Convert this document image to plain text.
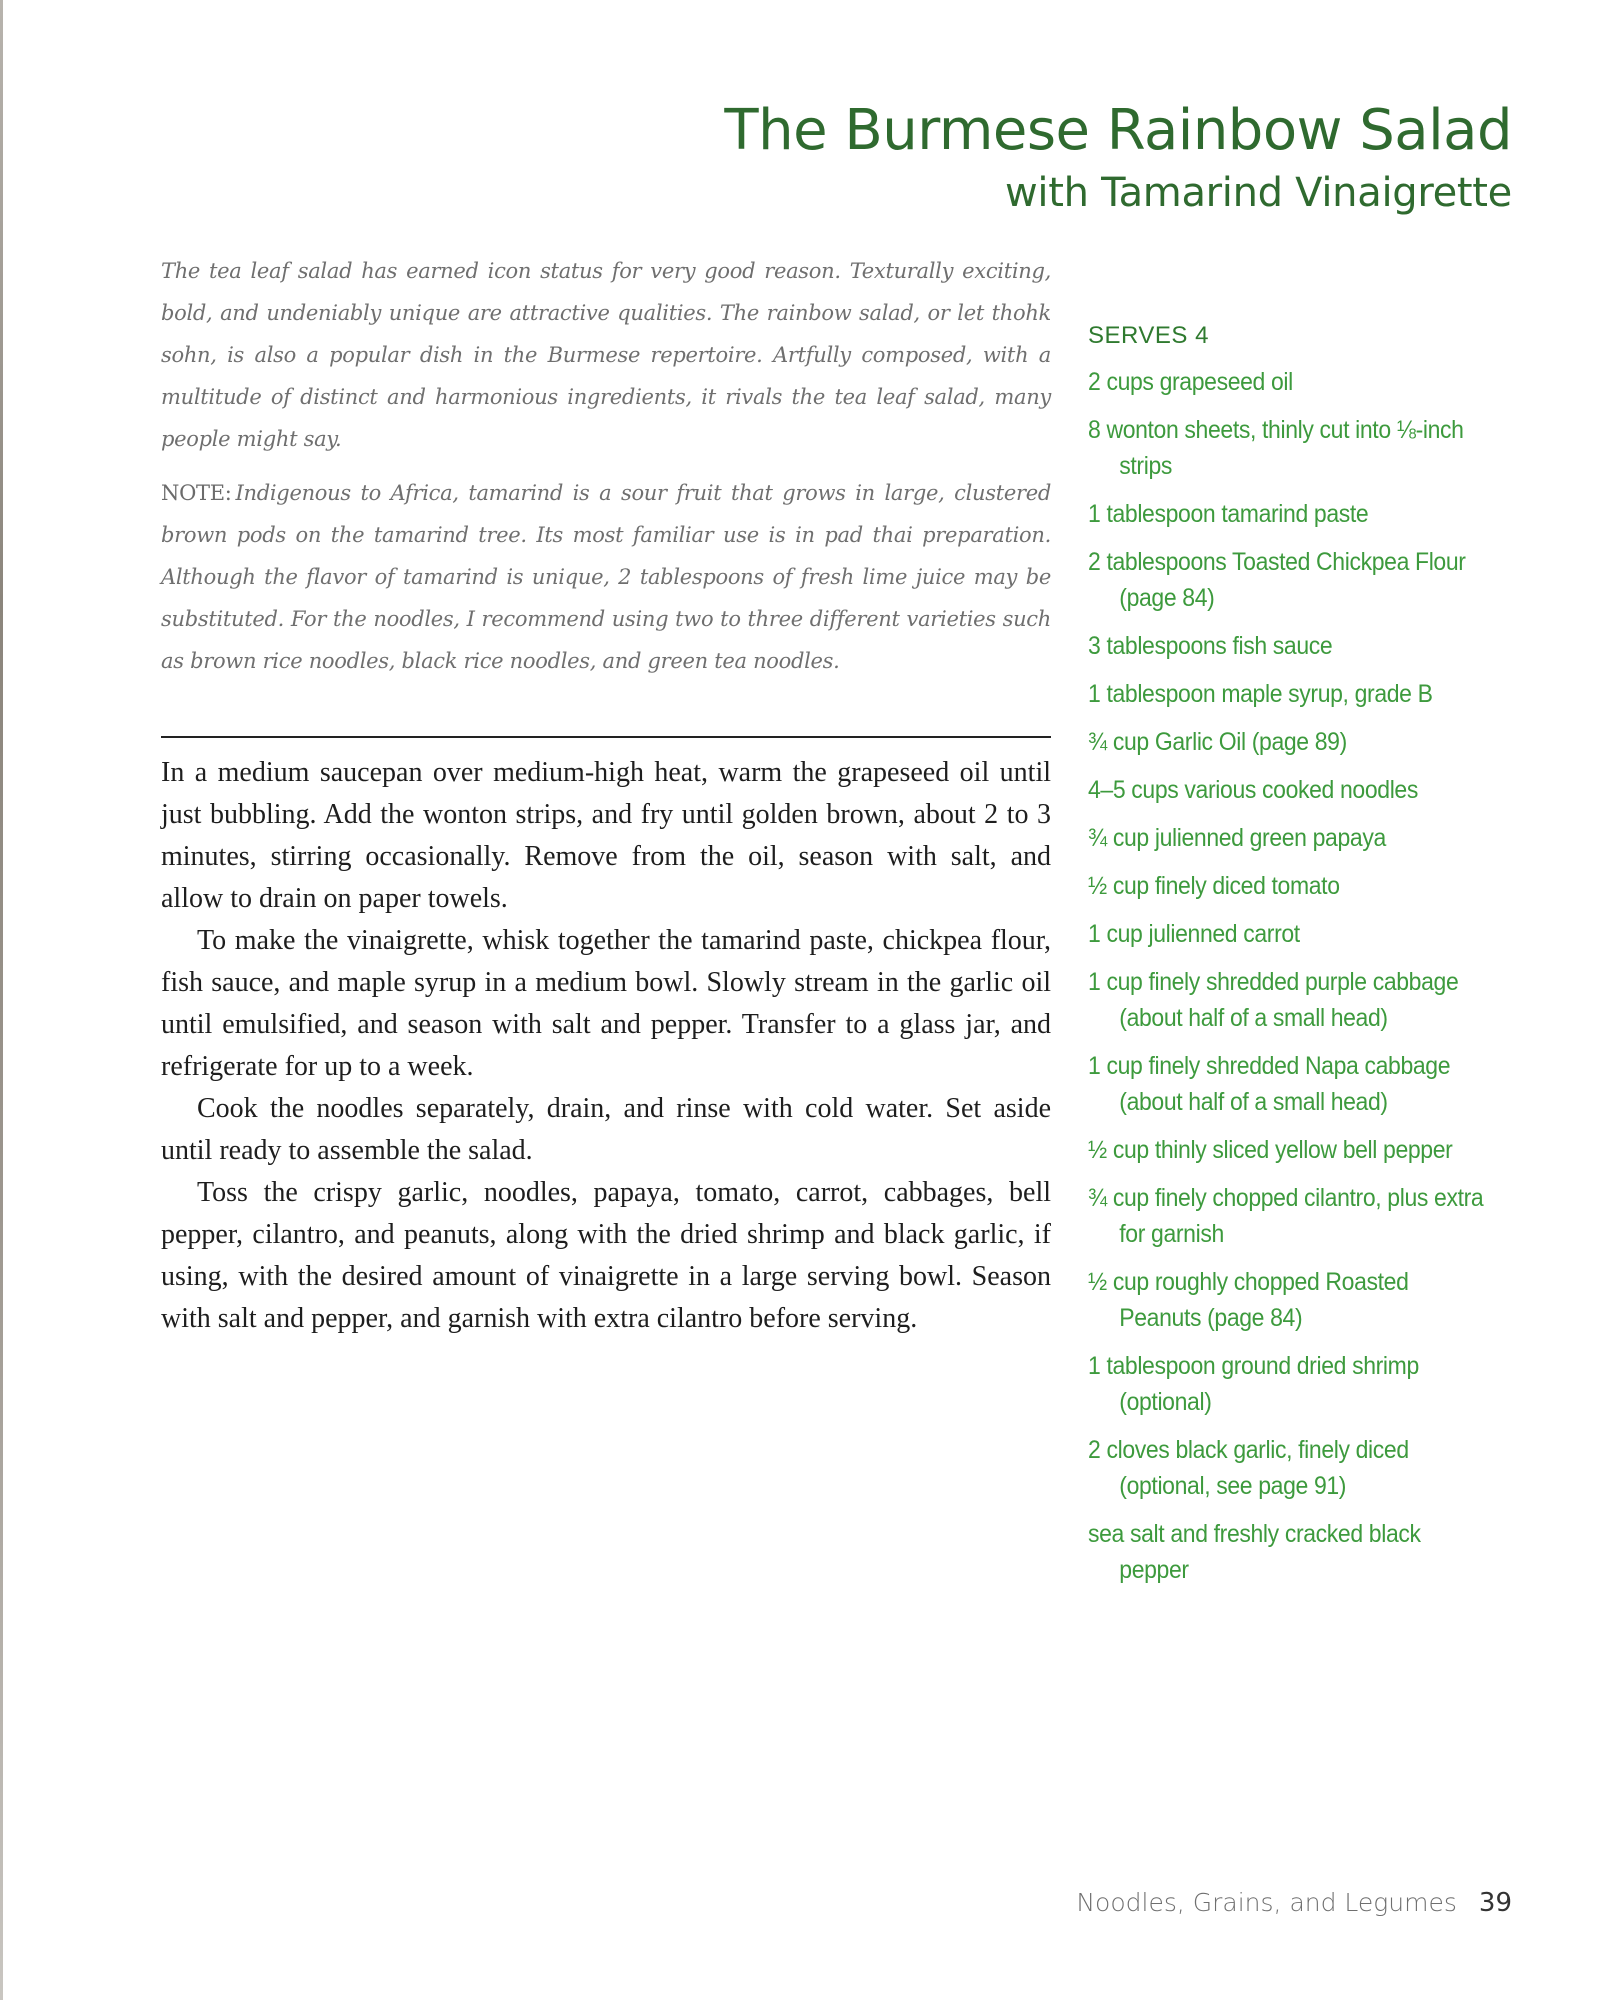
The Burmese Rainbow Salad
with Tamarind Vinaigrette

The tea leaf salad has earned icon status for very good reason. Texturally exciting, bold, and undeniably unique are attractive qualities. The rainbow salad, or let thohk sohn, is also a popular dish in the Burmese repertoire. Artfully composed, with a multitude of distinct and harmonious ingredients, it rivals the tea leaf salad, many people might say.

NOTE: Indigenous to Africa, tamarind is a sour fruit that grows in large, clustered brown pods on the tamarind tree. Its most familiar use is in pad thai preparation. Although the flavor of tamarind is unique, 2 tablespoons of fresh lime juice may be substituted. For the noodles, I recommend using two to three different varieties such as brown rice noodles, black rice noodles, and green tea noodles.

In a medium saucepan over medium-high heat, warm the grapeseed oil until just bubbling. Add the wonton strips, and fry until golden brown, about 2 to 3 minutes, stirring occasionally. Remove from the oil, season with salt, and allow to drain on paper towels.

To make the vinaigrette, whisk together the tamarind paste, chickpea flour, fish sauce, and maple syrup in a medium bowl. Slowly stream in the garlic oil until emulsified, and season with salt and pepper. Transfer to a glass jar, and refrigerate for up to a week.

Cook the noodles separately, drain, and rinse with cold water. Set aside until ready to assemble the salad.

Toss the crispy garlic, noodles, papaya, tomato, carrot, cabbages, bell pepper, cilantro, and peanuts, along with the dried shrimp and black garlic, if using, with the desired amount of vinaigrette in a large serving bowl. Season with salt and pepper, and garnish with extra cilantro before serving.

SERVES 4
2 cups grapeseed oil
8 wonton sheets, thinly cut into ⅛-inch strips
1 tablespoon tamarind paste
2 tablespoons Toasted Chickpea Flour (page 84)
3 tablespoons fish sauce
1 tablespoon maple syrup, grade B
¾ cup Garlic Oil (page 89)
4–5 cups various cooked noodles
¾ cup julienned green papaya
½ cup finely diced tomato
1 cup julienned carrot
1 cup finely shredded purple cabbage (about half of a small head)
1 cup finely shredded Napa cabbage (about half of a small head)
½ cup thinly sliced yellow bell pepper
¾ cup finely chopped cilantro, plus extra for garnish
½ cup roughly chopped Roasted Peanuts (page 84)
1 tablespoon ground dried shrimp (optional)
2 cloves black garlic, finely diced (optional, see page 91)
sea salt and freshly cracked black pepper
Noodles, Grains, and Legumes 39
